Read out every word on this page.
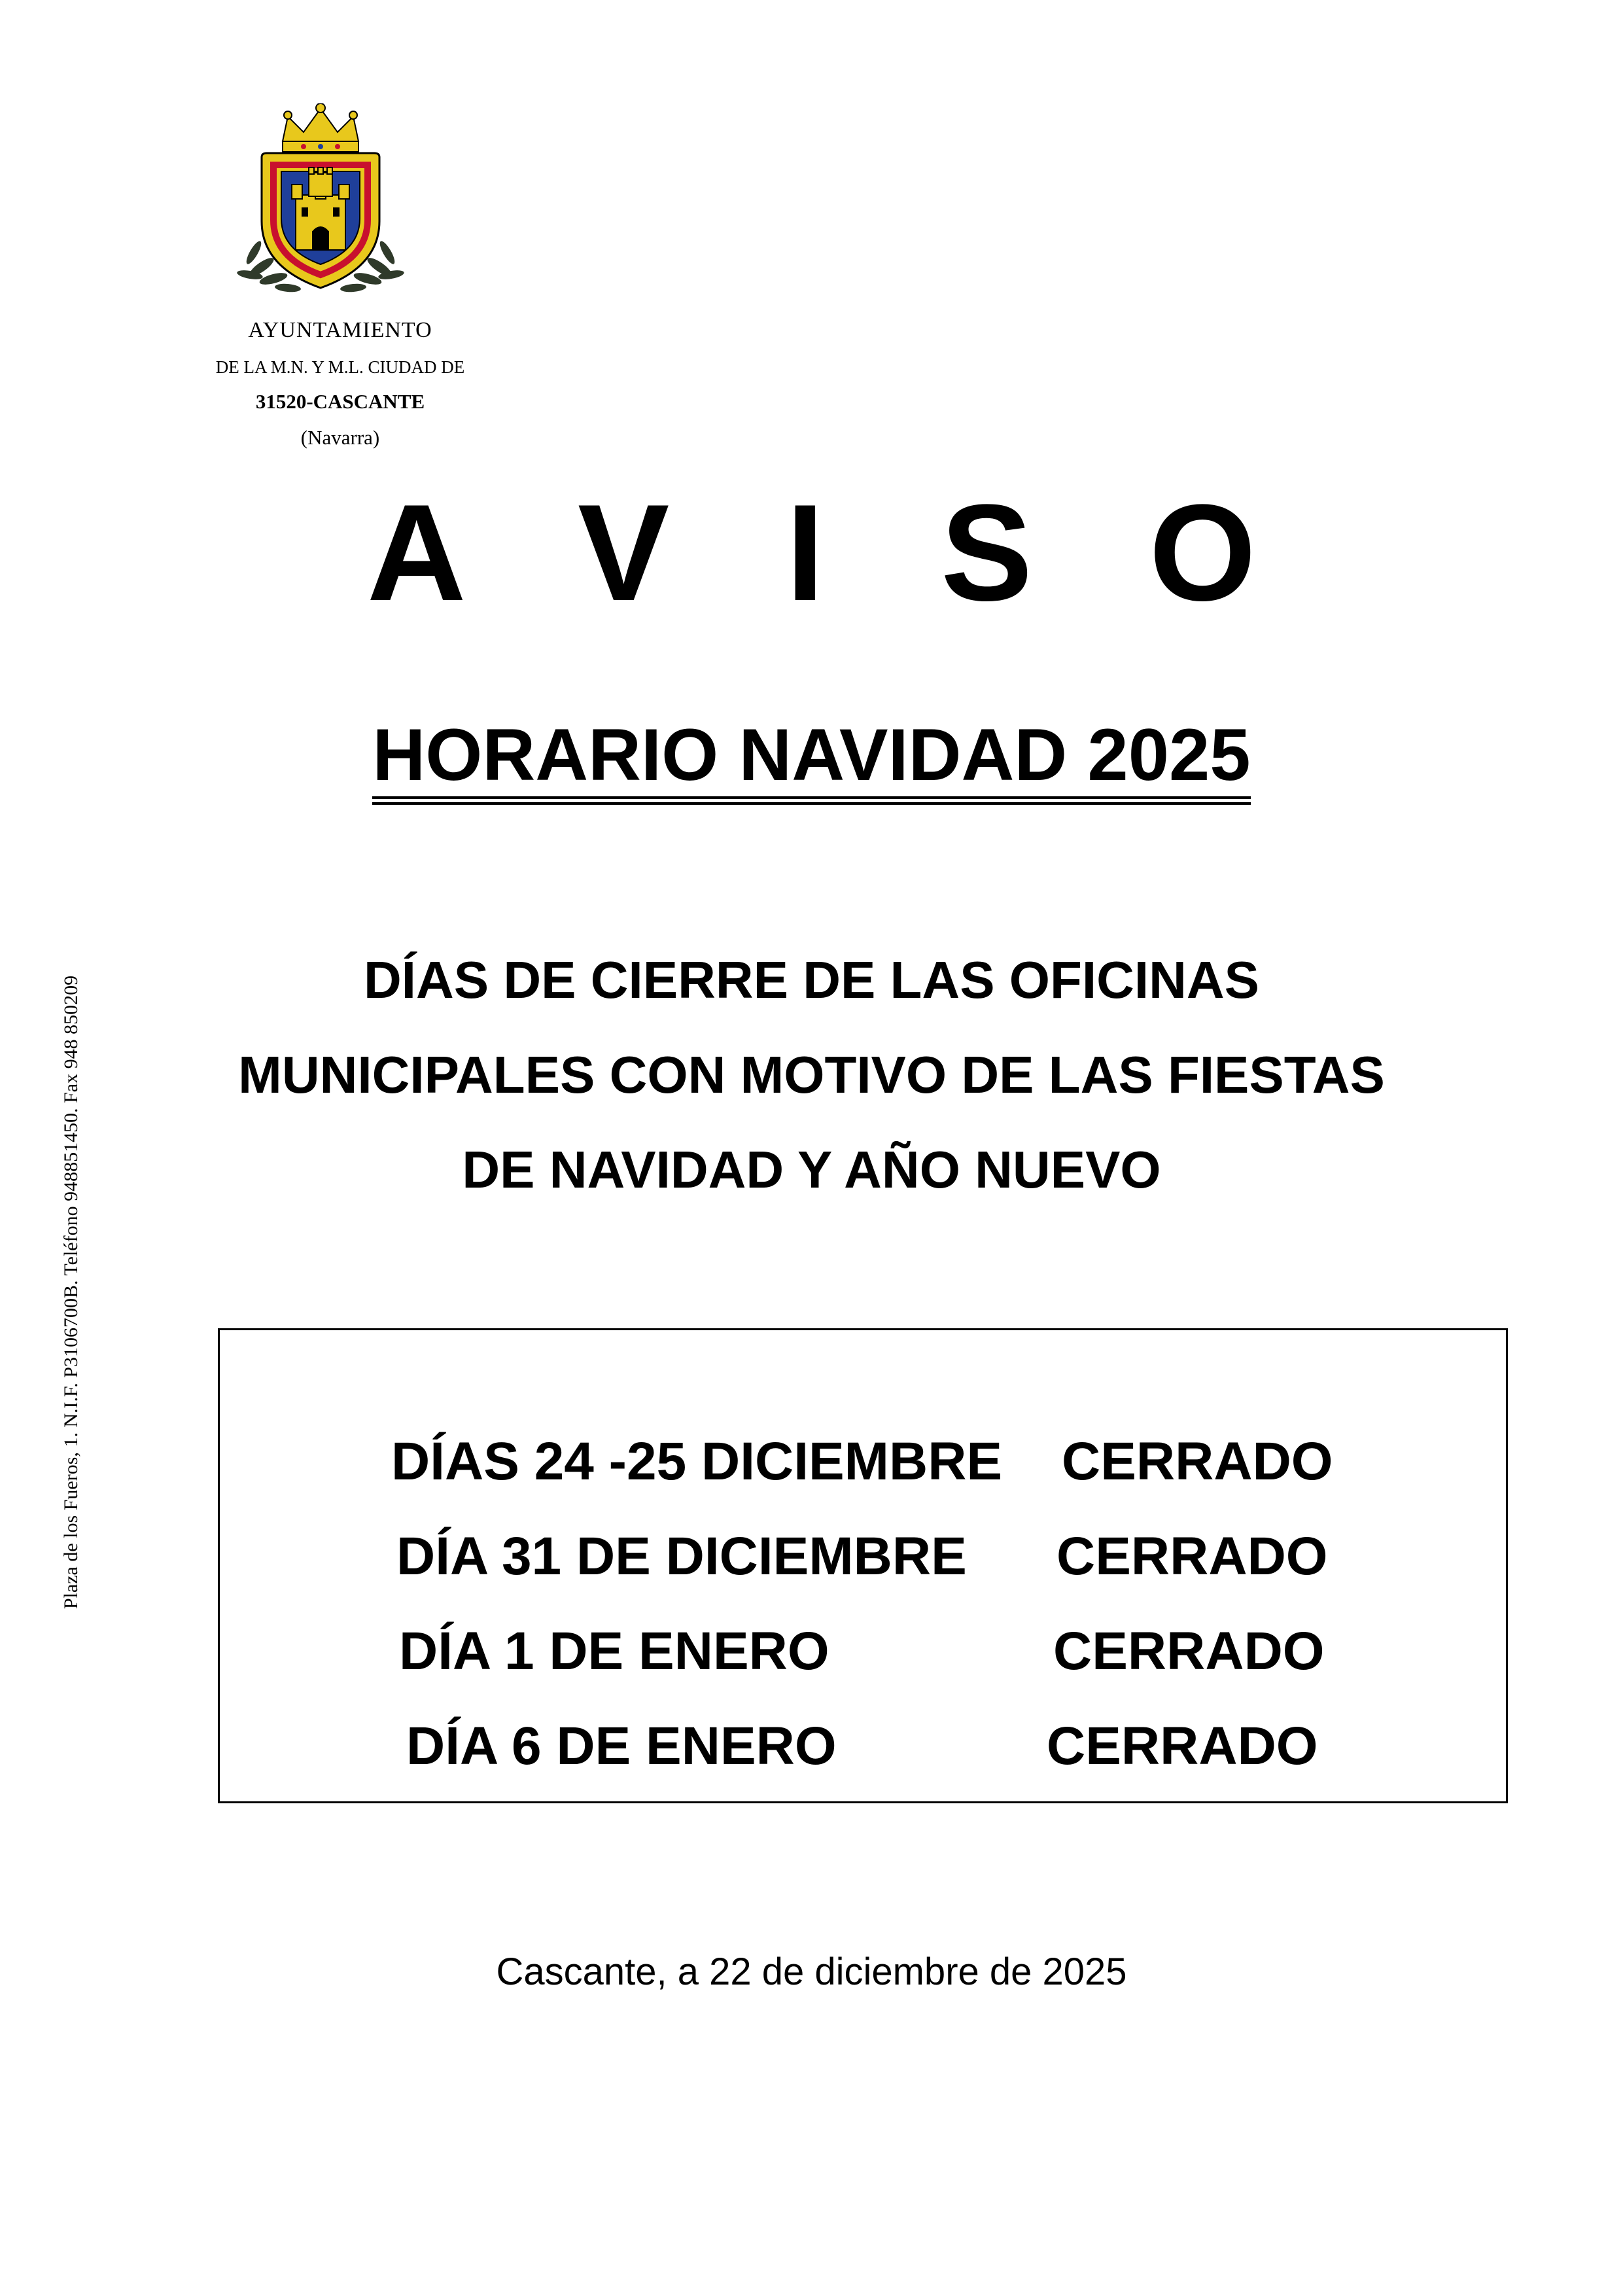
AYUNTAMIENTO
DE LA M.N. Y M.L. CIUDAD DE
31520-CASCANTE
(Navarra)
Plaza de los Fueros, 1. N.I.F. P3106700B. Teléfono 948851450. Fax 948 850209
A V I S O
HORARIO NAVIDAD 2025
DÍAS DE CIERRE DE LAS OFICINAS
MUNICIPALES CON MOTIVO DE LAS FIESTAS
DE NAVIDAD Y AÑO NUEVO
DÍAS 24 -25 DICIEMBRE CERRADO
DÍA 31 DE DICIEMBRE CERRADO
DÍA 1 DE ENERO	CERRADO
DÍA 6 DE ENERO	CERRADO
Cascante, a 22 de diciembre de 2025
